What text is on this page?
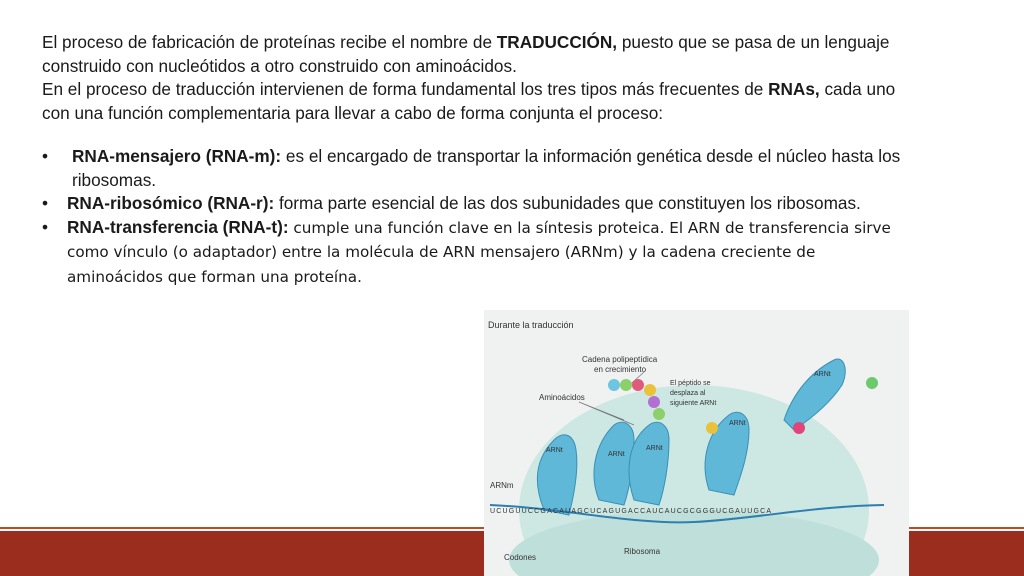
El proceso de fabricación de proteínas recibe el nombre de TRADUCCIÓN, puesto que se pasa de un lenguaje construido con nucleótidos a otro construido con aminoácidos.
En el proceso de traducción intervienen de forma fundamental los tres tipos más frecuentes de RNAs, cada uno con una función complementaria para llevar a cabo de forma conjunta el proceso:

• RNA-mensajero (RNA-m): es el encargado de transportar la información genética desde el núcleo hasta los ribosomas.
• RNA-ribosómico (RNA-r): forma parte esencial de las dos subunidades que constituyen los ribosomas.
• RNA-transferencia (RNA-t): cumple una función clave en la síntesis proteica. El ARN de transferencia sirve como vínculo (o adaptador) entre la molécula de ARN mensajero (ARNm) y la cadena creciente de aminoácidos que forman una proteína.
Durante la traducción
Cadena polipeptídica
en crecimiento
Aminoácidos
El péptido se
desplaza al
siguiente ARNt
ARNt
ARNt
ARNt
ARNt
ARNt
ARNm
UCUGUUCCGACAUAGCUCAGUGACCAUCAUCGCGGGUCGAUUGCA
Codones
Ribosoma
